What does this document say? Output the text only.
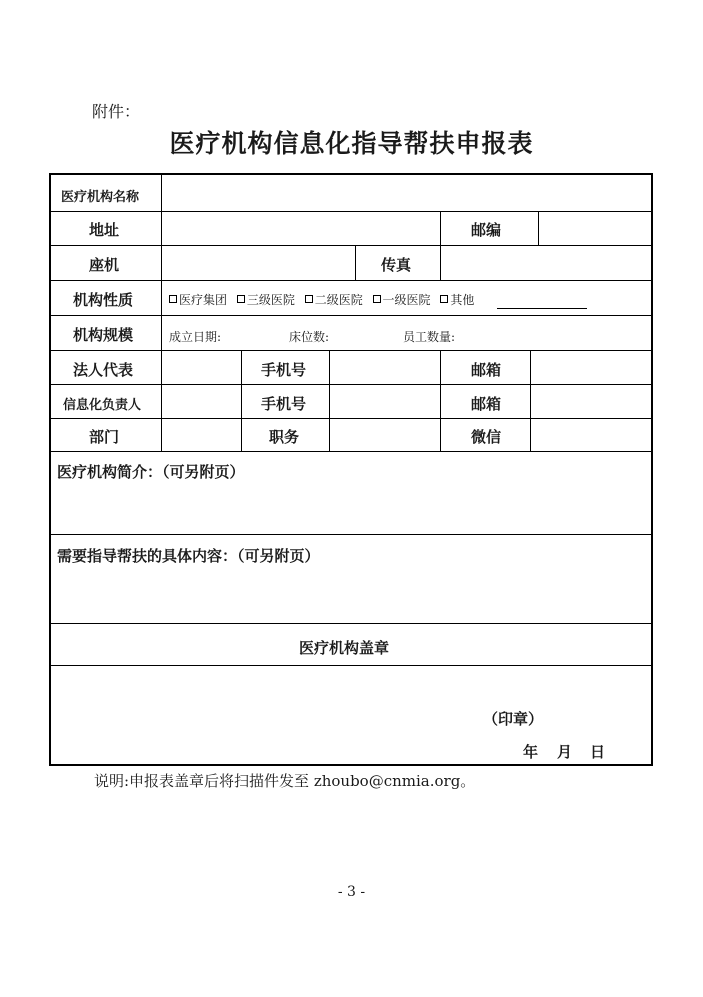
附件：
医疗机构信息化指导帮扶申报表
医疗机构名称
地址	邮编
座机	传真
机构性质	医疗集团 三级医院 二级医院 一级医院 其他
机构规模	成立日期:	床位数:	员工数量:
法人代表	手机号	邮箱
信息化负责人	手机号	邮箱
部门	职务	微信
医疗机构简介：（可另附页）
需要指导帮扶的具体内容：（可另附页）
医疗机构盖章
（印章）
年 月 日
说明:申报表盖章后将扫描件发至 zhoubo@cnmia.org。
- 3 -
